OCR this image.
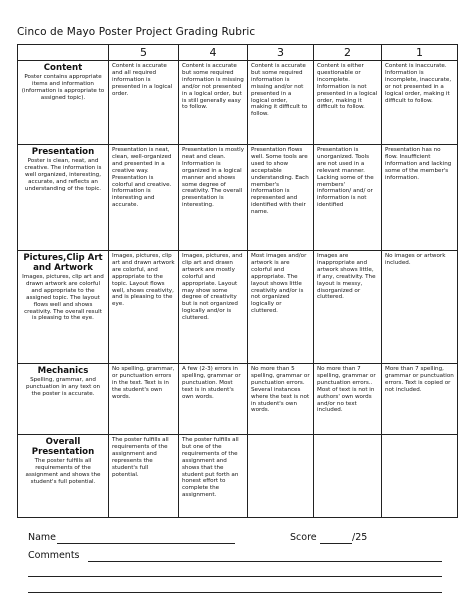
Cinco de Mayo Poster Project Grading Rubric
	5	4	3	2	1

Content
Poster contains appropriate items and information (information is appropriate to assigned topic).	Content is accurate and all required information is presented in a logical order.	Content is accurate but some required information is missing and/or not presented in a logical order, but is still generally easy to follow.	Content is accurate but some required information is missing and/or not presented in a logical order, making it difficult to follow.	Content is either questionable or incomplete. Information is not presented in a logical order, making it difficult to follow.	Content is inaccurate. Information is incomplete, inaccurate, or not presented in a logical order, making it difficult to follow.

Presentation
Poster is clean, neat, and creative. The information is well organized, interesting, accurate, and reflects an understanding of the topic.	Presentation is neat, clean, well-organized and presented in a creative way. Presentation is colorful and creative. Information is interesting and accurate.	Presentation is mostly neat and clean. Information is organized in a logical manner and shows some degree of creativity. The overall presentation is interesting.	Presentation flows well. Some tools are used to show acceptable understanding. Each member's information is represented and identified with their name.	Presentation is unorganized. Tools are not used in a relevant manner. Lacking some of the members' information/ and/ or information is not identified	Presentation has no flow. Insufficient information and lacking some of the member's information.

Pictures,Clip Art and Artwork
Images, pictures, clip art and drawn artwork are colorful and appropriate to the assigned topic. The layout flows well and shows creativity. The overall result is pleasing to the eye.	Images, pictures, clip art and drawn artwork are colorful, and appropriate to the topic. Layout flows well, shows creativity, and is pleasing to the eye.	Images, pictures, and clip art and drawn artwork are mostly colorful and appropriate. Layout may show some degree of creativity but is not organized logically and/or is cluttered.	Most images and/or artwork is are colorful and appropriate. The layout shows little creativity and/or is not organized logically or cluttered.	Images are inappropriate and artwork shows little, if any, creativity. The layout is messy, disorganized or cluttered.	No images or artwork included.

Mechanics
Spelling, grammar, and punctuation in any text on the poster is accurate.	No spelling, grammar, or punctuation errors in the text. Text is in the student's own words.	A few (2-3) errors in spelling, grammar or punctuation. Most text is in student's own words.	No more than 5 spelling, grammar or punctuation errors. Several instances where the text is not in student's own words.	No more than 7 spelling, grammar or punctuation errors.. Most of text is not in authors' own words and/or no text included.	More than 7 spelling, grammar or punctuation errors. Text is copied or not included.

Overall Presentation
The poster fulfills all requirements of the assignment and shows the student's full potential.	The poster fulfills all requirements of the assignment and represents the student's full potential.	The poster fulfills all but one of the requirements of the assignment and shows that the student put forth an honest effort to complete the assignment.			
Name	Score	/25
Comments
